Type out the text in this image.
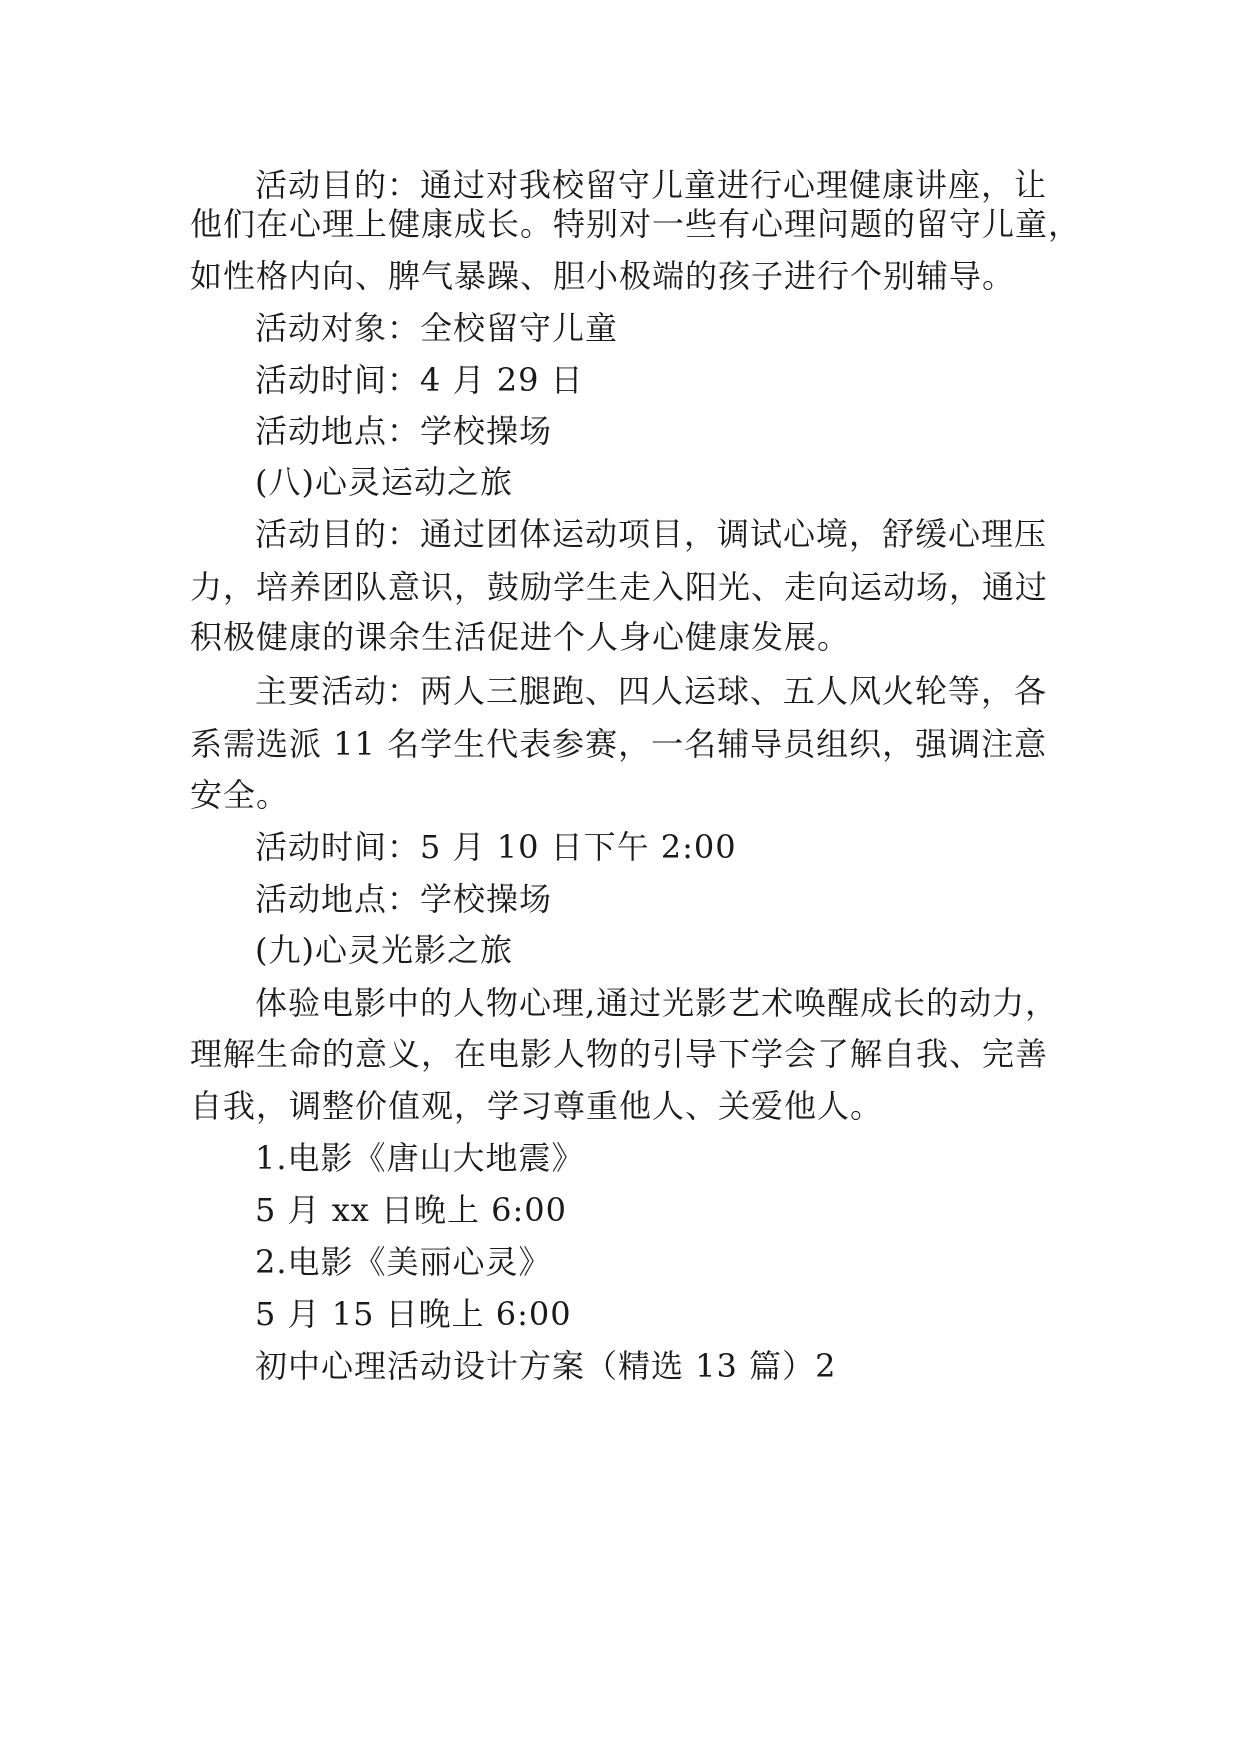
活动目的：通过对我校留守儿童进行心理健康讲座，让
他们在心理上健康成长。特别对一些有心理问题的留守儿童，
如性格内向、脾气暴躁、胆小极端的孩子进行个别辅导。
活动对象：全校留守儿童
活动时间：4 月 29 日
活动地点：学校操场
(八)心灵运动之旅
活动目的：通过团体运动项目，调试心境，舒缓心理压
力，培养团队意识，鼓励学生走入阳光、走向运动场，通过
积极健康的课余生活促进个人身心健康发展。
主要活动：两人三腿跑、四人运球、五人风火轮等，各
系需选派 11 名学生代表参赛，一名辅导员组织，强调注意
安全。
活动时间：5 月 10 日下午 2:00
活动地点：学校操场
(九)心灵光影之旅
体验电影中的人物心理,通过光影艺术唤醒成长的动力，
理解生命的意义，在电影人物的引导下学会了解自我、完善
自我，调整价值观，学习尊重他人、关爱他人。
1.电影《唐山大地震》
5 月 xx 日晚上 6:00
2.电影《美丽心灵》
5 月 15 日晚上 6:00
初中心理活动设计方案（精选 13 篇）2
